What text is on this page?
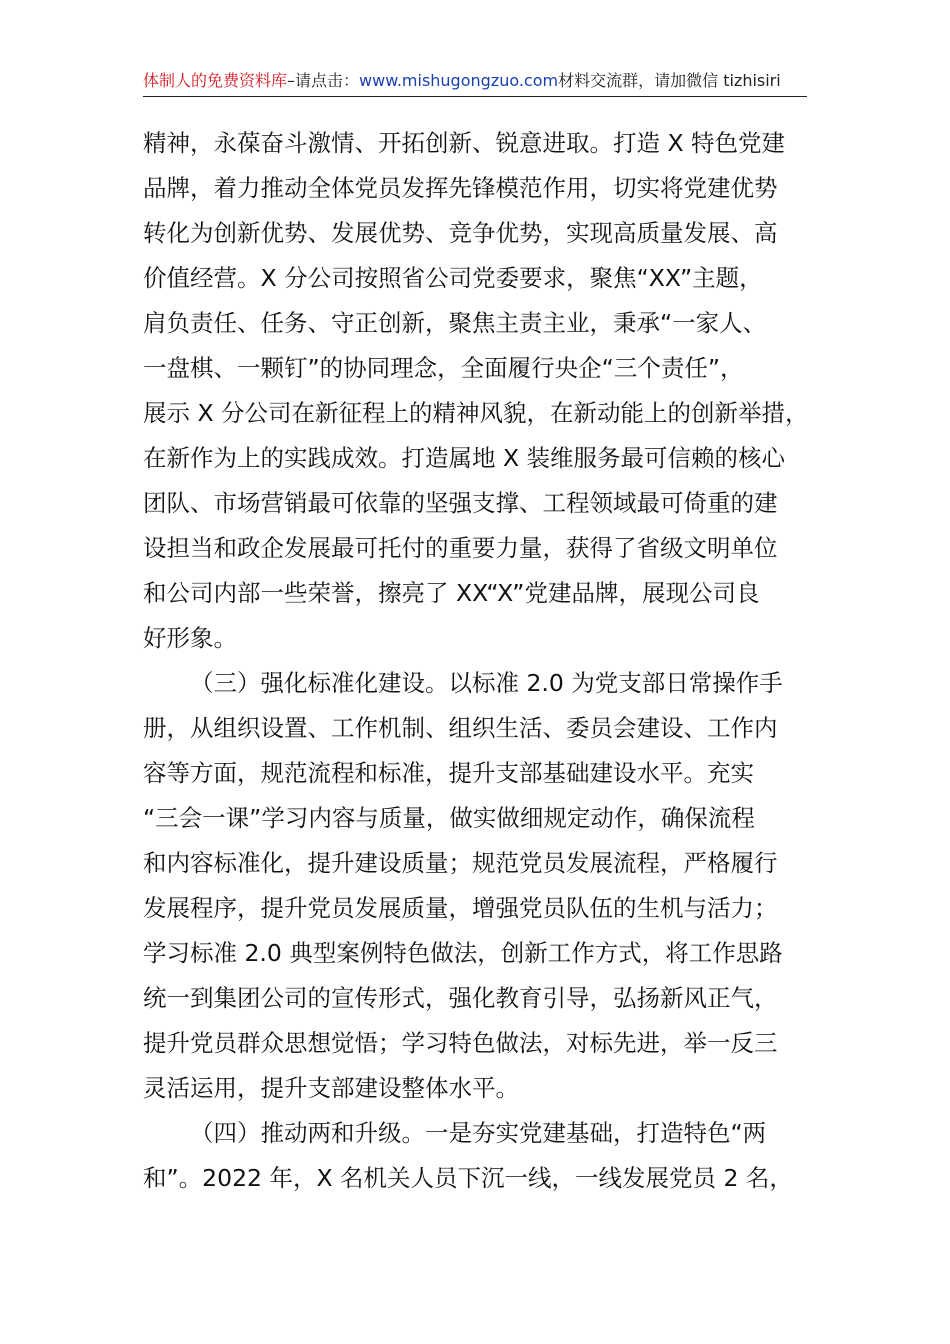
体制人的免费资料库–请点击：www.mishugongzuo.com材料交流群，请加微信 tizhisiri
精神，永葆奋斗激情、开拓创新、锐意进取。打造 X 特色党建
品牌，着力推动全体党员发挥先锋模范作用，切实将党建优势
转化为创新优势、发展优势、竞争优势，实现高质量发展、高
价值经营。X 分公司按照省公司党委要求，聚焦“XX”主题，
肩负责任、任务、守正创新，聚焦主责主业，秉承“一家人、
一盘棋、一颗钉”的协同理念，全面履行央企“三个责任”，
展示 X 分公司在新征程上的精神风貌，在新动能上的创新举措，
在新作为上的实践成效。打造属地 X 装维服务最可信赖的核心
团队、市场营销最可依靠的坚强支撑、工程领域最可倚重的建
设担当和政企发展最可托付的重要力量，获得了省级文明单位
和公司内部一些荣誉，擦亮了 XX“X”党建品牌，展现公司良
好形象。
（三）强化标准化建设。以标准 2.0 为党支部日常操作手
册，从组织设置、工作机制、组织生活、委员会建设、工作内
容等方面，规范流程和标准，提升支部基础建设水平。充实
“三会一课”学习内容与质量，做实做细规定动作，确保流程
和内容标准化，提升建设质量；规范党员发展流程，严格履行
发展程序，提升党员发展质量，增强党员队伍的生机与活力；
学习标准 2.0 典型案例特色做法，创新工作方式，将工作思路
统一到集团公司的宣传形式，强化教育引导，弘扬新风正气，
提升党员群众思想觉悟；学习特色做法，对标先进，举一反三
灵活运用，提升支部建设整体水平。
（四）推动两和升级。一是夯实党建基础，打造特色“两
和”。2022 年，X 名机关人员下沉一线，一线发展党员 2 名，
